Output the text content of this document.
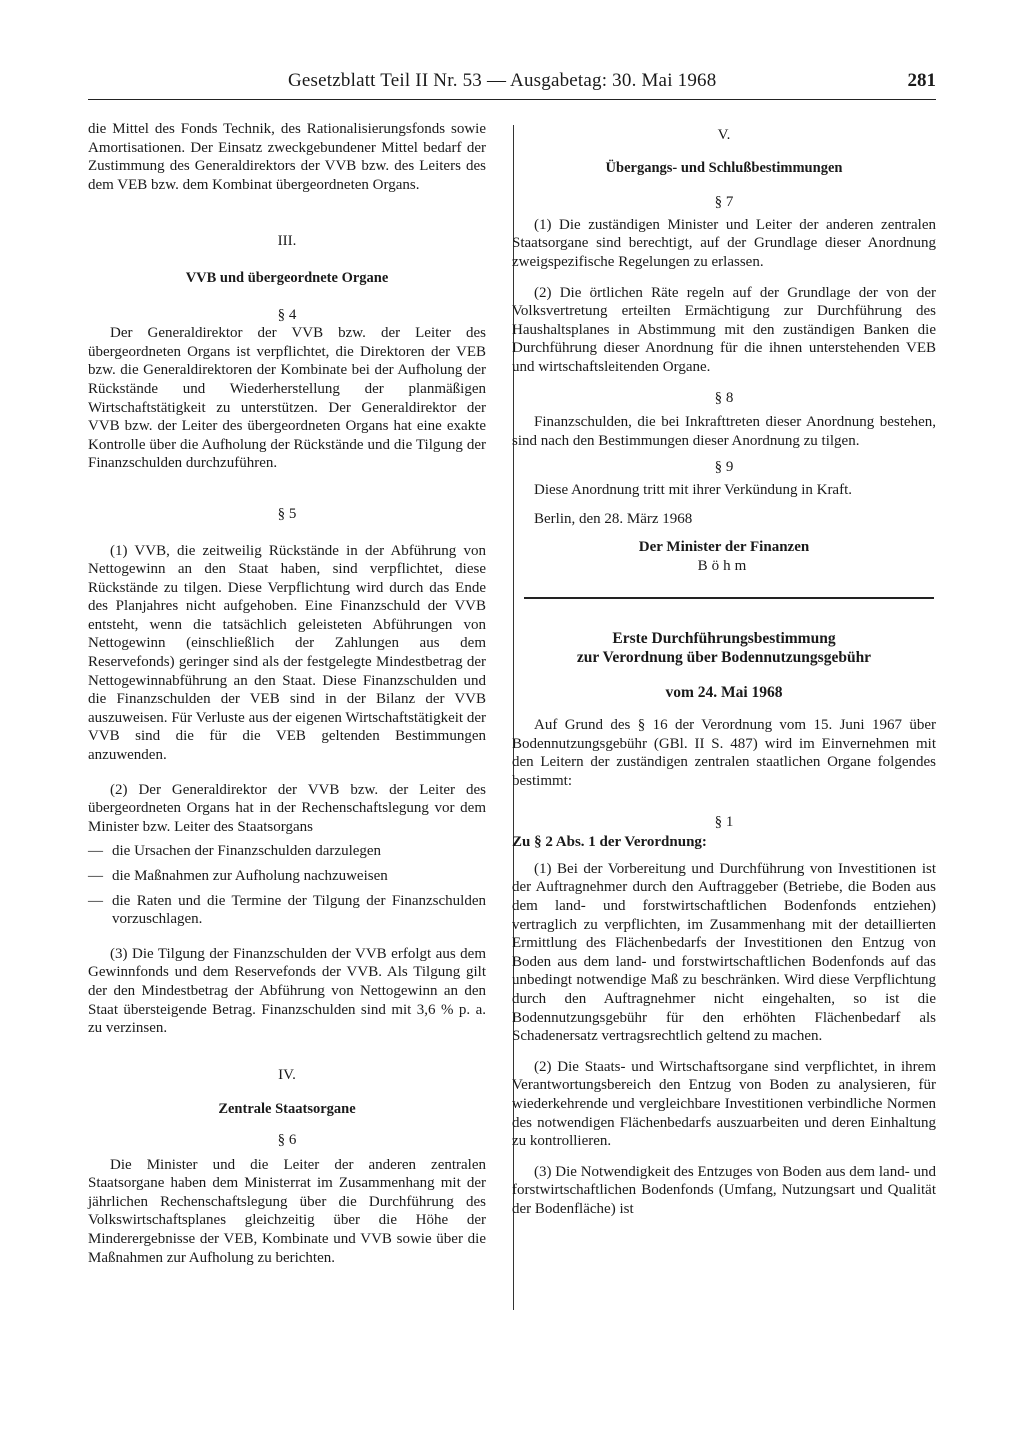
Gesetzblatt Teil II Nr. 53 — Ausgabetag: 30. Mai 1968	281

die Mittel des Fonds Technik, des Rationalisierungsfonds sowie Amortisationen. Der Einsatz zweckgebundener Mittel bedarf der Zustimmung des Generaldirektors der VVB bzw. des Leiters des dem VEB bzw. dem Kombinat übergeordneten Organs.

III.
VVB und übergeordnete Organe
§ 4

Der Generaldirektor der VVB bzw. der Leiter des übergeordneten Organs ist verpflichtet, die Direktoren der VEB bzw. die Generaldirektoren der Kombinate bei der Aufholung der Rückstände und Wiederherstellung der planmäßigen Wirtschaftstätigkeit zu unterstützen. Der Generaldirektor der VVB bzw. der Leiter des übergeordneten Organs hat eine exakte Kontrolle über die Aufholung der Rückstände und die Tilgung der Finanzschulden durchzuführen.

§ 5

(1) VVB, die zeitweilig Rückstände in der Abführung von Nettogewinn an den Staat haben, sind verpflichtet, diese Rückstände zu tilgen. Diese Verpflichtung wird durch das Ende des Planjahres nicht aufgehoben. Eine Finanzschuld der VVB entsteht, wenn die tatsächlich geleisteten Abführungen von Nettogewinn (einschließlich der Zahlungen aus dem Reservefonds) geringer sind als der festgelegte Mindestbetrag der Nettogewinnabführung an den Staat. Diese Finanzschulden und die Finanzschulden der VEB sind in der Bilanz der VVB auszuweisen. Für Verluste aus der eigenen Wirtschaftstätigkeit der VVB sind die für die VEB geltenden Bestimmungen anzuwenden.

(2) Der Generaldirektor der VVB bzw. der Leiter des übergeordneten Organs hat in der Rechenschaftslegung vor dem Minister bzw. Leiter des Staatsorgans

— die Ursachen der Finanzschulden darzulegen
— die Maßnahmen zur Aufholung nachzuweisen
— die Raten und die Termine der Tilgung der Finanzschulden vorzuschlagen.

(3) Die Tilgung der Finanzschulden der VVB erfolgt aus dem Gewinnfonds und dem Reservefonds der VVB. Als Tilgung gilt der den Mindestbetrag der Abführung von Nettogewinn an den Staat übersteigende Betrag. Finanzschulden sind mit 3,6 % p. a. zu verzinsen.

IV.
Zentrale Staatsorgane
§ 6

Die Minister und die Leiter der anderen zentralen Staatsorgane haben dem Ministerrat im Zusammenhang mit der jährlichen Rechenschaftslegung über die Durchführung des Volkswirtschaftsplanes gleichzeitig über die Höhe der Minderergebnisse der VEB, Kombinate und VVB sowie über die Maßnahmen zur Aufholung zu berichten.

V.
Übergangs- und Schlußbestimmungen
§ 7

(1) Die zuständigen Minister und Leiter der anderen zentralen Staatsorgane sind berechtigt, auf der Grundlage dieser Anordnung zweigspezifische Regelungen zu erlassen.

(2) Die örtlichen Räte regeln auf der Grundlage der von der Volksvertretung erteilten Ermächtigung zur Durchführung des Haushaltsplanes in Abstimmung mit den zuständigen Banken die Durchführung dieser Anordnung für die ihnen unterstehenden VEB und wirtschaftsleitenden Organe.

§ 8

Finanzschulden, die bei Inkrafttreten dieser Anordnung bestehen, sind nach den Bestimmungen dieser Anordnung zu tilgen.

§ 9

Diese Anordnung tritt mit ihrer Verkündung in Kraft.

Berlin, den 28. März 1968

Der Minister der Finanzen
Böhm
Erste Durchführungsbestimmung
zur Verordnung über Bodennutzungsgebühr
vom 24. Mai 1968

Auf Grund des § 16 der Verordnung vom 15. Juni 1967 über Bodennutzungsgebühr (GBl. II S. 487) wird im Einvernehmen mit den Leitern der zuständigen zentralen staatlichen Organe folgendes bestimmt:

§ 1
Zu § 2 Abs. 1 der Verordnung:

(1) Bei der Vorbereitung und Durchführung von Investitionen ist der Auftragnehmer durch den Auftraggeber (Betriebe, die Boden aus dem land- und forstwirtschaftlichen Bodenfonds entziehen) vertraglich zu verpflichten, im Zusammenhang mit der detaillierten Ermittlung des Flächenbedarfs der Investitionen den Entzug von Boden aus dem land- und forstwirtschaftlichen Bodenfonds auf das unbedingt notwendige Maß zu beschränken. Wird diese Verpflichtung durch den Auftragnehmer nicht eingehalten, so ist die Bodennutzungsgebühr für den erhöhten Flächenbedarf als Schadenersatz vertragsrechtlich geltend zu machen.

(2) Die Staats- und Wirtschaftsorgane sind verpflichtet, in ihrem Verantwortungsbereich den Entzug von Boden zu analysieren, für wiederkehrende und vergleichbare Investitionen verbindliche Normen des notwendigen Flächenbedarfs auszuarbeiten und deren Einhaltung zu kontrollieren.

(3) Die Notwendigkeit des Entzuges von Boden aus dem land- und forstwirtschaftlichen Bodenfonds (Umfang, Nutzungsart und Qualität der Bodenfläche) ist
